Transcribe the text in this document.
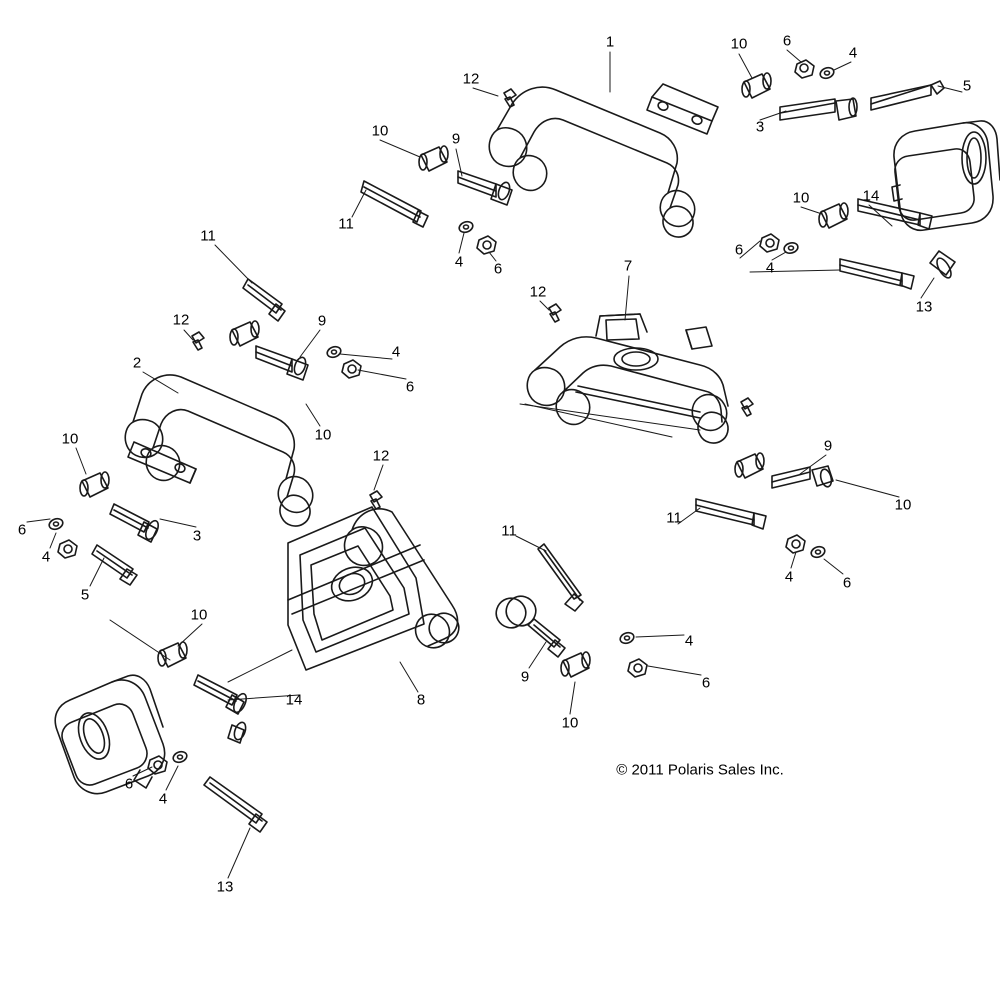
© 2011 Polaris Sales Inc.
1
12
10 6
4
5
3
10	9
11
10	14
6
4
4 6
11
13
7
12
9
12
2
4
6
10
10
12
9
10
6
4
3
5
11
11
4	6
10
4
9
14	8
6
10
6
4
13
